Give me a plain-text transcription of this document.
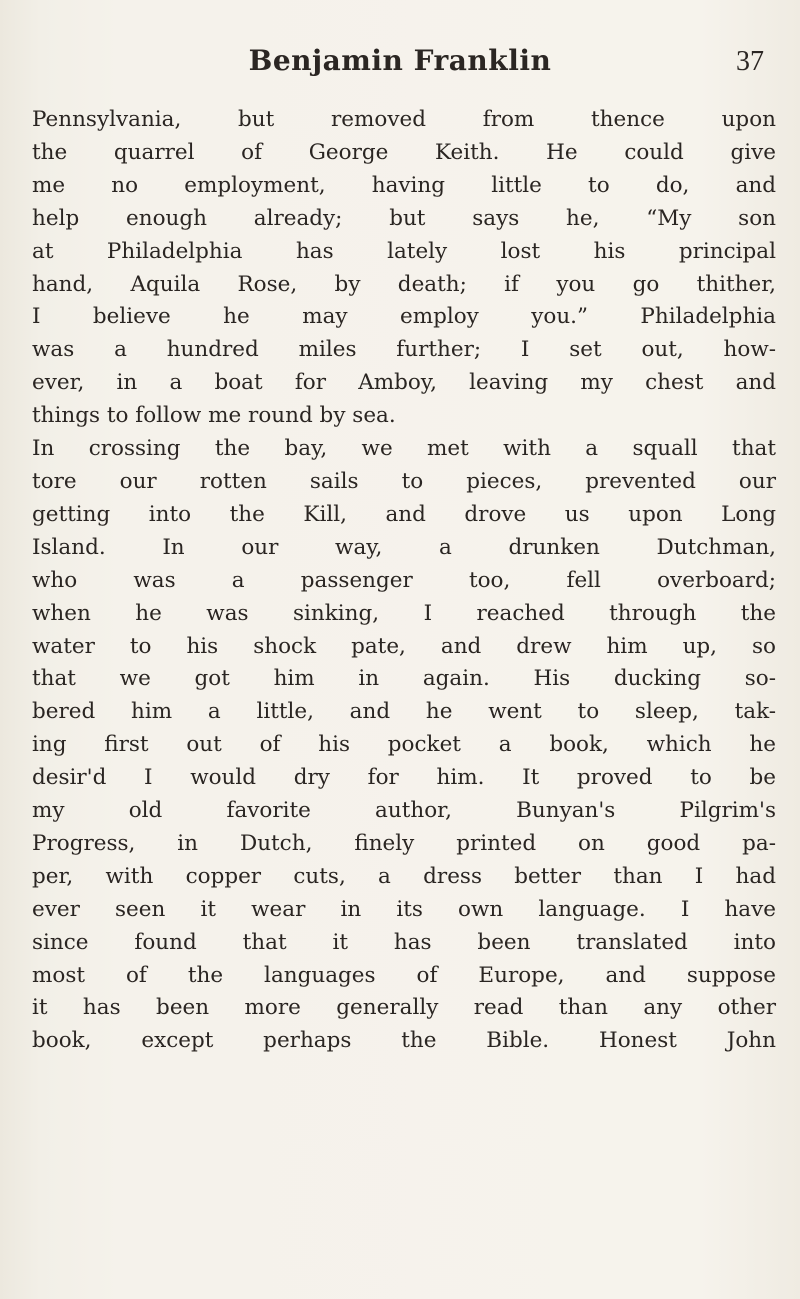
Benjamin Franklin	37
Pennsylvania, but removed from thence upon
the quarrel of George Keith. He could give
me no employment, having little to do, and
help enough already; but says he, “My son
at Philadelphia has lately lost his principal
hand, Aquila Rose, by death; if you go thither,
I believe he may employ you.” Philadelphia
was a hundred miles further; I set out, how-
ever, in a boat for Amboy, leaving my chest and
things to follow me round by sea.
In crossing the bay, we met with a squall that
tore our rotten sails to pieces, prevented our
getting into the Kill, and drove us upon Long
Island. In our way, a drunken Dutchman,
who was a passenger too, fell overboard;
when he was sinking, I reached through the
water to his shock pate, and drew him up, so
that we got him in again. His ducking so-
bered him a little, and he went to sleep, tak-
ing first out of his pocket a book, which he
desir'd I would dry for him. It proved to be
my old favorite author, Bunyan's Pilgrim's
Progress, in Dutch, finely printed on good pa-
per, with copper cuts, a dress better than I had
ever seen it wear in its own language. I have
since found that it has been translated into
most of the languages of Europe, and suppose
it has been more generally read than any other
book, except perhaps the Bible. Honest John
